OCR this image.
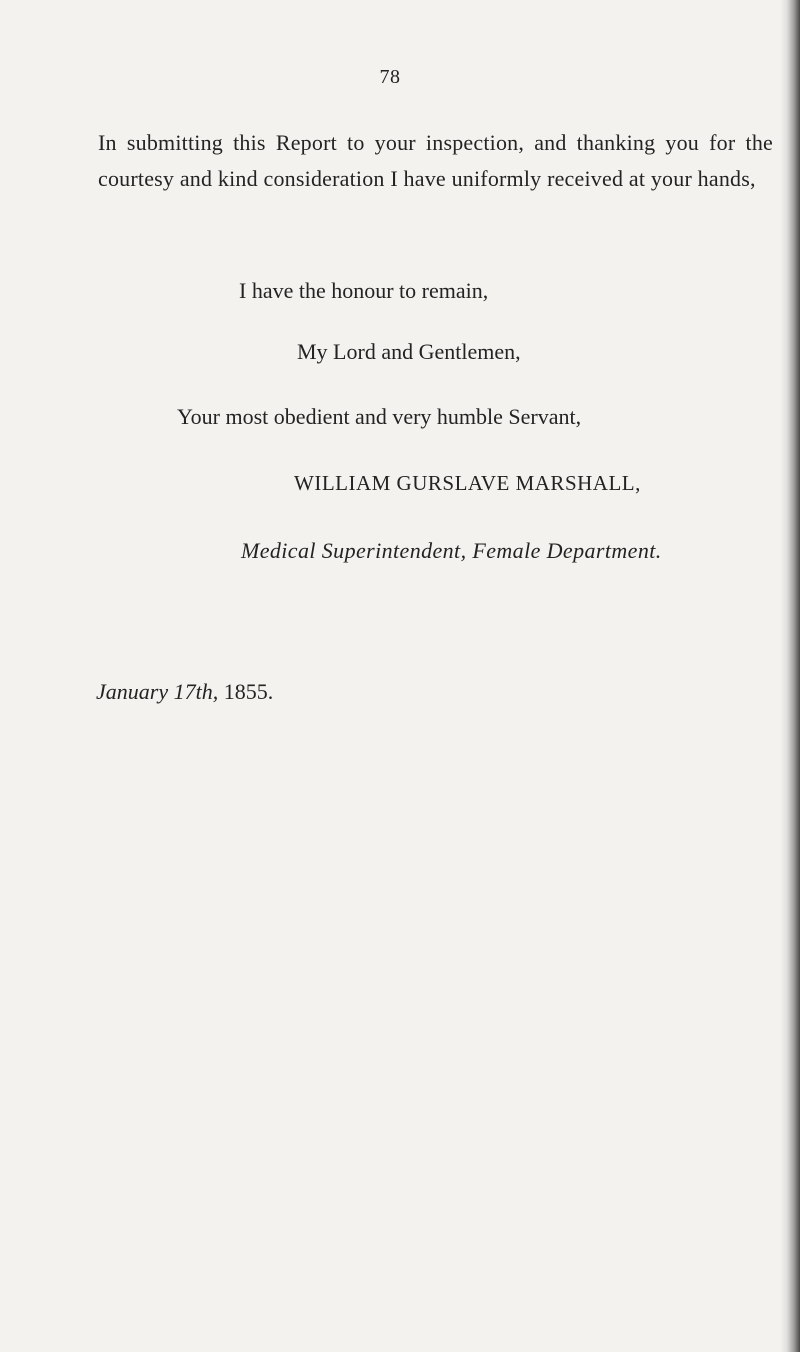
78

In submitting this Report to your inspection, and thanking you for the courtesy and kind consideration I have uniformly received at your hands,

I have the honour to remain,
My Lord and Gentlemen,
Your most obedient and very humble Servant,
WILLIAM GURSLAVE MARSHALL,
Medical Superintendent, Female Department.
January 17th, 1855.
